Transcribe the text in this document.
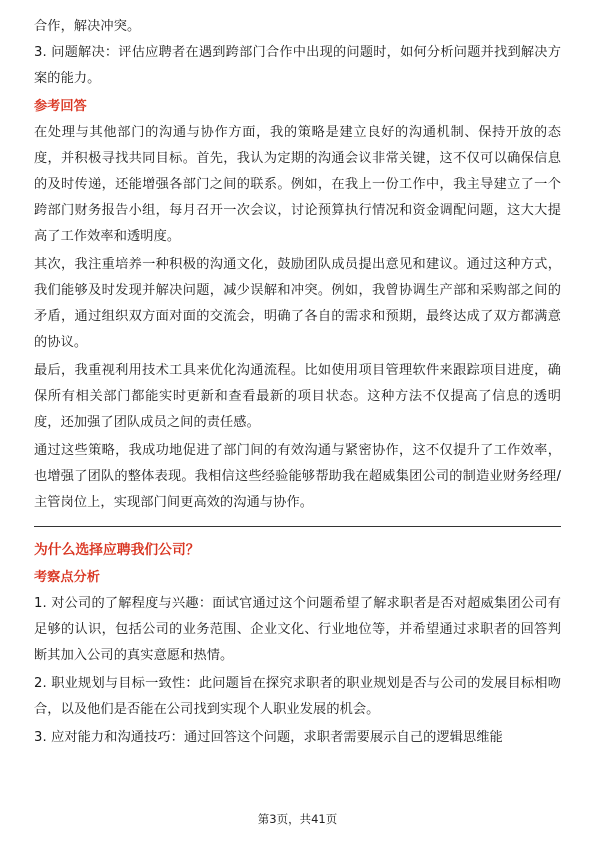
合作，解决冲突。

3. 问题解决：评估应聘者在遇到跨部门合作中出现的问题时，如何分析问题并找到解决方案的能力。

参考回答

在处理与其他部门的沟通与协作方面，我的策略是建立良好的沟通机制、保持开放的态度，并积极寻找共同目标。首先，我认为定期的沟通会议非常关键，这不仅可以确保信息的及时传递，还能增强各部门之间的联系。例如，在我上一份工作中，我主导建立了一个跨部门财务报告小组，每月召开一次会议，讨论预算执行情况和资金调配问题，这大大提高了工作效率和透明度。

其次，我注重培养一种积极的沟通文化，鼓励团队成员提出意见和建议。通过这种方式，我们能够及时发现并解决问题，减少误解和冲突。例如，我曾协调生产部和采购部之间的矛盾，通过组织双方面对面的交流会，明确了各自的需求和预期，最终达成了双方都满意的协议。

最后，我重视利用技术工具来优化沟通流程。比如使用项目管理软件来跟踪项目进度，确保所有相关部门都能实时更新和查看最新的项目状态。这种方法不仅提高了信息的透明度，还加强了团队成员之间的责任感。

通过这些策略，我成功地促进了部门间的有效沟通与紧密协作，这不仅提升了工作效率，也增强了团队的整体表现。我相信这些经验能够帮助我在超威集团公司的制造业财务经理/主管岗位上，实现部门间更高效的沟通与协作。

为什么选择应聘我们公司？
考察点分析

1. 对公司的了解程度与兴趣：面试官通过这个问题希望了解求职者是否对超威集团公司有足够的认识，包括公司的业务范围、企业文化、行业地位等，并希望通过求职者的回答判断其加入公司的真实意愿和热情。

2. 职业规划与目标一致性：此问题旨在探究求职者的职业规划是否与公司的发展目标相吻合，以及他们是否能在公司找到实现个人职业发展的机会。

3. 应对能力和沟通技巧：通过回答这个问题，求职者需要展示自己的逻辑思维能

第3页，共41页
